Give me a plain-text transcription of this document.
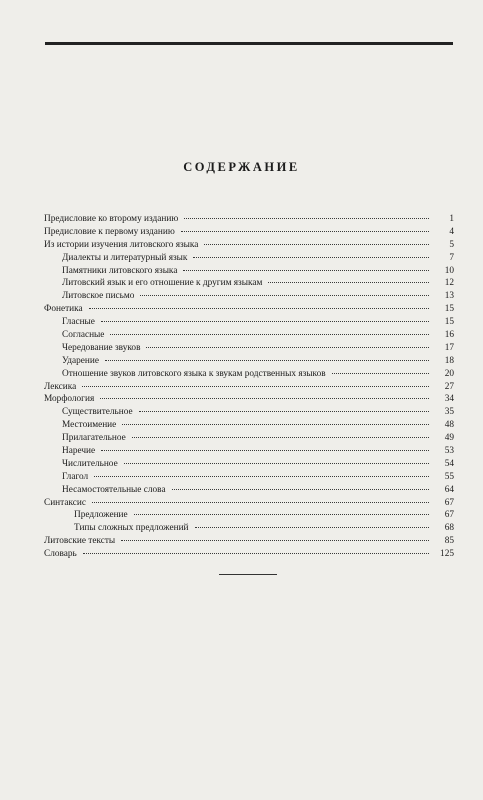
СОДЕРЖАНИЕ
Предисловие ко второму изданию	1
Предисловие к первому изданию	4
Из истории изучения литовского языка	5
Диалекты и литературный язык	7
Памятники литовского языка	10
Литовский язык и его отношение к другим языкам	12
Литовское письмо	13
Фонетика	15
Гласные	15
Согласные	16
Чередование звуков	17
Ударение	18
Отношение звуков литовского языка к звукам родственных языков	20
Лексика	27
Морфология	34
Существительное	35
Местоимение	48
Прилагательное	49
Наречие	53
Числительное	54
Глагол	55
Несамостоятельные слова	64
Синтаксис	67
Предложение	67
Типы сложных предложений	68
Литовские тексты	85
Словарь	125
